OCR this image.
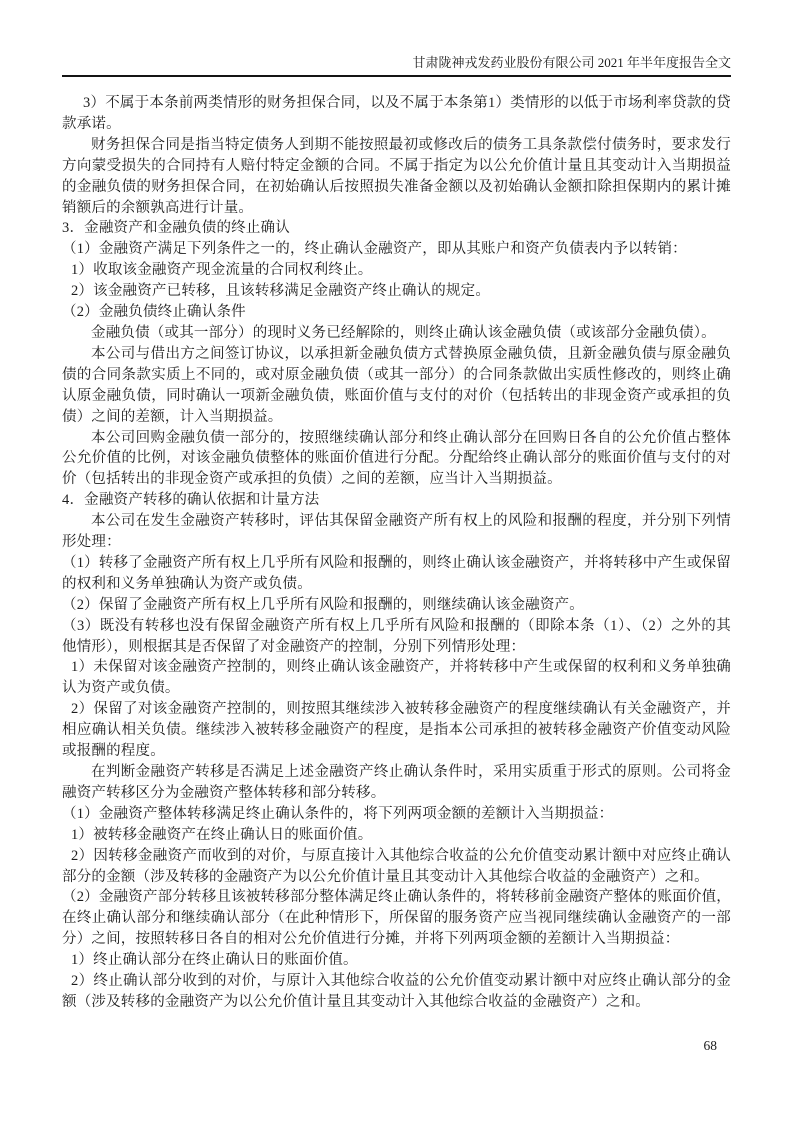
甘肃陇神戎发药业股份有限公司 2021 年半年度报告全文

3）不属于本条前两类情形的财务担保合同，以及不属于本条第1）类情形的以低于市场利率贷款的贷款承诺。

财务担保合同是指当特定债务人到期不能按照最初或修改后的债务工具条款偿付债务时，要求发行方向蒙受损失的合同持有人赔付特定金额的合同。不属于指定为以公允价值计量且其变动计入当期损益的金融负债的财务担保合同，在初始确认后按照损失准备金额以及初始确认金额扣除担保期内的累计摊销额后的余额孰高进行计量。

3．金融资产和金融负债的终止确认

（1）金融资产满足下列条件之一的，终止确认金融资产，即从其账户和资产负债表内予以转销：

1）收取该金融资产现金流量的合同权利终止。

2）该金融资产已转移，且该转移满足金融资产终止确认的规定。

（2）金融负债终止确认条件

金融负债（或其一部分）的现时义务已经解除的，则终止确认该金融负债（或该部分金融负债）。

本公司与借出方之间签订协议，以承担新金融负债方式替换原金融负债，且新金融负债与原金融负债的合同条款实质上不同的，或对原金融负债（或其一部分）的合同条款做出实质性修改的，则终止确认原金融负债，同时确认一项新金融负债，账面价值与支付的对价（包括转出的非现金资产或承担的负债）之间的差额，计入当期损益。

本公司回购金融负债一部分的，按照继续确认部分和终止确认部分在回购日各自的公允价值占整体公允价值的比例，对该金融负债整体的账面价值进行分配。分配给终止确认部分的账面价值与支付的对价（包括转出的非现金资产或承担的负债）之间的差额，应当计入当期损益。

4．金融资产转移的确认依据和计量方法

本公司在发生金融资产转移时，评估其保留金融资产所有权上的风险和报酬的程度，并分别下列情形处理：

（1）转移了金融资产所有权上几乎所有风险和报酬的，则终止确认该金融资产，并将转移中产生或保留的权利和义务单独确认为资产或负债。

（2）保留了金融资产所有权上几乎所有风险和报酬的，则继续确认该金融资产。

（3）既没有转移也没有保留金融资产所有权上几乎所有风险和报酬的（即除本条（1）、（2）之外的其他情形），则根据其是否保留了对金融资产的控制，分别下列情形处理：

1）未保留对该金融资产控制的，则终止确认该金融资产，并将转移中产生或保留的权利和义务单独确认为资产或负债。

2）保留了对该金融资产控制的，则按照其继续涉入被转移金融资产的程度继续确认有关金融资产，并相应确认相关负债。继续涉入被转移金融资产的程度，是指本公司承担的被转移金融资产价值变动风险或报酬的程度。

在判断金融资产转移是否满足上述金融资产终止确认条件时，采用实质重于形式的原则。公司将金融资产转移区分为金融资产整体转移和部分转移。

（1）金融资产整体转移满足终止确认条件的，将下列两项金额的差额计入当期损益：

1）被转移金融资产在终止确认日的账面价值。

2）因转移金融资产而收到的对价，与原直接计入其他综合收益的公允价值变动累计额中对应终止确认部分的金额（涉及转移的金融资产为以公允价值计量且其变动计入其他综合收益的金融资产）之和。

（2）金融资产部分转移且该被转移部分整体满足终止确认条件的，将转移前金融资产整体的账面价值，在终止确认部分和继续确认部分（在此种情形下，所保留的服务资产应当视同继续确认金融资产的一部分）之间，按照转移日各自的相对公允价值进行分摊，并将下列两项金额的差额计入当期损益：

1）终止确认部分在终止确认日的账面价值。

2）终止确认部分收到的对价，与原计入其他综合收益的公允价值变动累计额中对应终止确认部分的金额（涉及转移的金融资产为以公允价值计量且其变动计入其他综合收益的金融资产）之和。

68
